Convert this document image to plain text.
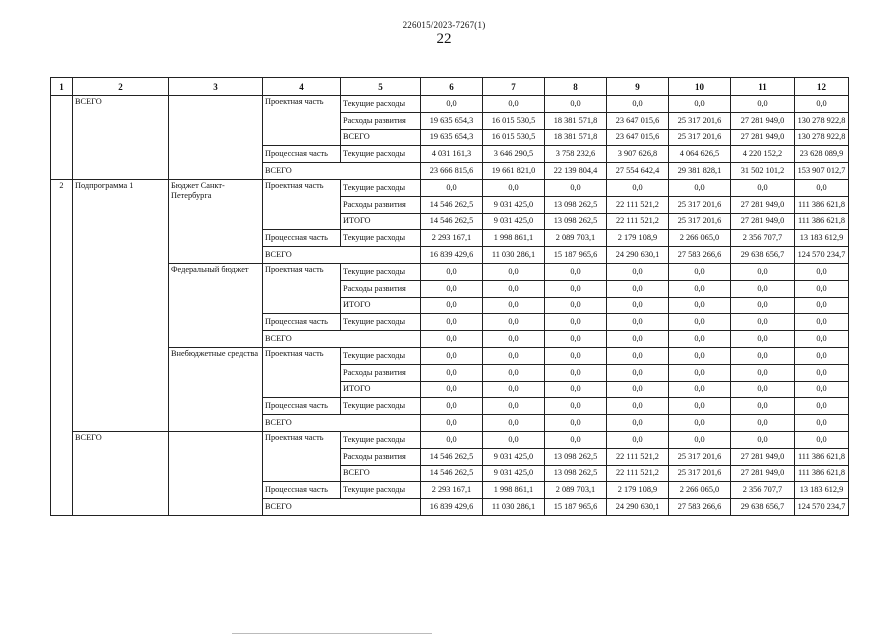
226015/2023-7267(1)
22
1	2	3	4	5	6	7	8	9	10	11	12
	ВСЕГО		Проектная часть	Текущие расходы	0,0	0,0	0,0	0,0	0,0	0,0	0,0
				Расходы развития	19 635 654,3	16 015 530,5	18 381 571,8	23 647 015,6	25 317 201,6	27 281 949,0	130 278 922,8
				ВСЕГО	19 635 654,3	16 015 530,5	18 381 571,8	23 647 015,6	25 317 201,6	27 281 949,0	130 278 922,8
			Процессная часть	Текущие расходы	4 031 161,3	3 646 290,5	3 758 232,6	3 907 626,8	4 064 626,5	4 220 152,2	23 628 089,9
			ВСЕГО		23 666 815,6	19 661 821,0	22 139 804,4	27 554 642,4	29 381 828,1	31 502 101,2	153 907 012,7
2	Подпрограмма 1	Бюджет Санкт-Петербурга	Проектная часть	Текущие расходы	0,0	0,0	0,0	0,0	0,0	0,0	0,0
				Расходы развития	14 546 262,5	9 031 425,0	13 098 262,5	22 111 521,2	25 317 201,6	27 281 949,0	111 386 621,8
				ИТОГО	14 546 262,5	9 031 425,0	13 098 262,5	22 111 521,2	25 317 201,6	27 281 949,0	111 386 621,8
			Процессная часть	Текущие расходы	2 293 167,1	1 998 861,1	2 089 703,1	2 179 108,9	2 266 065,0	2 356 707,7	13 183 612,9
			ВСЕГО		16 839 429,6	11 030 286,1	15 187 965,6	24 290 630,1	27 583 266,6	29 638 656,7	124 570 234,7
		Федеральный бюджет	Проектная часть	Текущие расходы	0,0	0,0	0,0	0,0	0,0	0,0	0,0
				Расходы развития	0,0	0,0	0,0	0,0	0,0	0,0	0,0
				ИТОГО	0,0	0,0	0,0	0,0	0,0	0,0	0,0
			Процессная часть	Текущие расходы	0,0	0,0	0,0	0,0	0,0	0,0	0,0
			ВСЕГО		0,0	0,0	0,0	0,0	0,0	0,0	0,0
		Внебюджетные средства	Проектная часть	Текущие расходы	0,0	0,0	0,0	0,0	0,0	0,0	0,0
				Расходы развития	0,0	0,0	0,0	0,0	0,0	0,0	0,0
				ИТОГО	0,0	0,0	0,0	0,0	0,0	0,0	0,0
			Процессная часть	Текущие расходы	0,0	0,0	0,0	0,0	0,0	0,0	0,0
			ВСЕГО		0,0	0,0	0,0	0,0	0,0	0,0	0,0
	ВСЕГО		Проектная часть	Текущие расходы	0,0	0,0	0,0	0,0	0,0	0,0	0,0
				Расходы развития	14 546 262,5	9 031 425,0	13 098 262,5	22 111 521,2	25 317 201,6	27 281 949,0	111 386 621,8
				ВСЕГО	14 546 262,5	9 031 425,0	13 098 262,5	22 111 521,2	25 317 201,6	27 281 949,0	111 386 621,8
			Процессная часть	Текущие расходы	2 293 167,1	1 998 861,1	2 089 703,1	2 179 108,9	2 266 065,0	2 356 707,7	13 183 612,9
			ВСЕГО		16 839 429,6	11 030 286,1	15 187 965,6	24 290 630,1	27 583 266,6	29 638 656,7	124 570 234,7
